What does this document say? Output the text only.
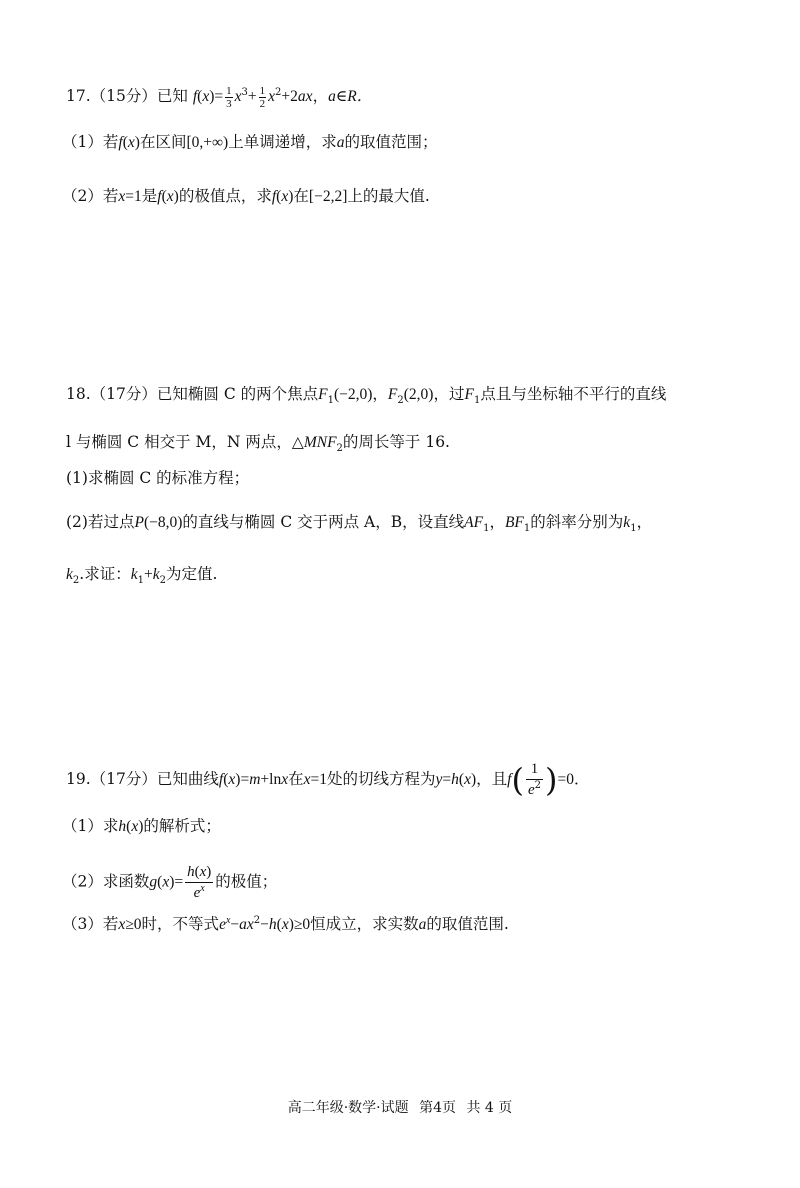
17.（15分）已知 $f(x)= \frac{1}{3} x^3+ \frac{1}{2} x^2+2ax$，a∈R．
（1）若f(x)在区间[0,+∞)上单调递增，求a的取值范围；
（2）若x=1是f(x)的极值点，求f(x)在[−2,2]上的最大值.
18.（17分）已知椭圆 C 的两个焦点$F_1(-2,0)$，$F_2(2,0)$，过$F_1$点且与坐标轴不平行的直线
l 与椭圆 C 相交于 M，N 两点，$\triangle MNF_2$的周长等于 16.
(1)求椭圆 C 的标准方程；
(2)若过点P(−8,0)的直线与椭圆 C 交于两点 A，B，设直线$AF_1$，$BF_1$的斜率分别为$k_1$，
$k_2$.求证：$k_1+k_2$为定值.
19.（17分）已知曲线f(x)=m+lnx在x=1处的切线方程为y=h(x)，且$f( \frac{1}{e^2} )=0$．
（1）求h(x)的解析式；
（2）求函数$g(x)= \frac{h(x)}{e^x}$ 的极值；
（3）若x≥0时，不等式$e^x-ax^2-h(x)\ge 0$恒成立，求实数a的取值范围.
高二年级·数学·试题 第4页 共 4 页
